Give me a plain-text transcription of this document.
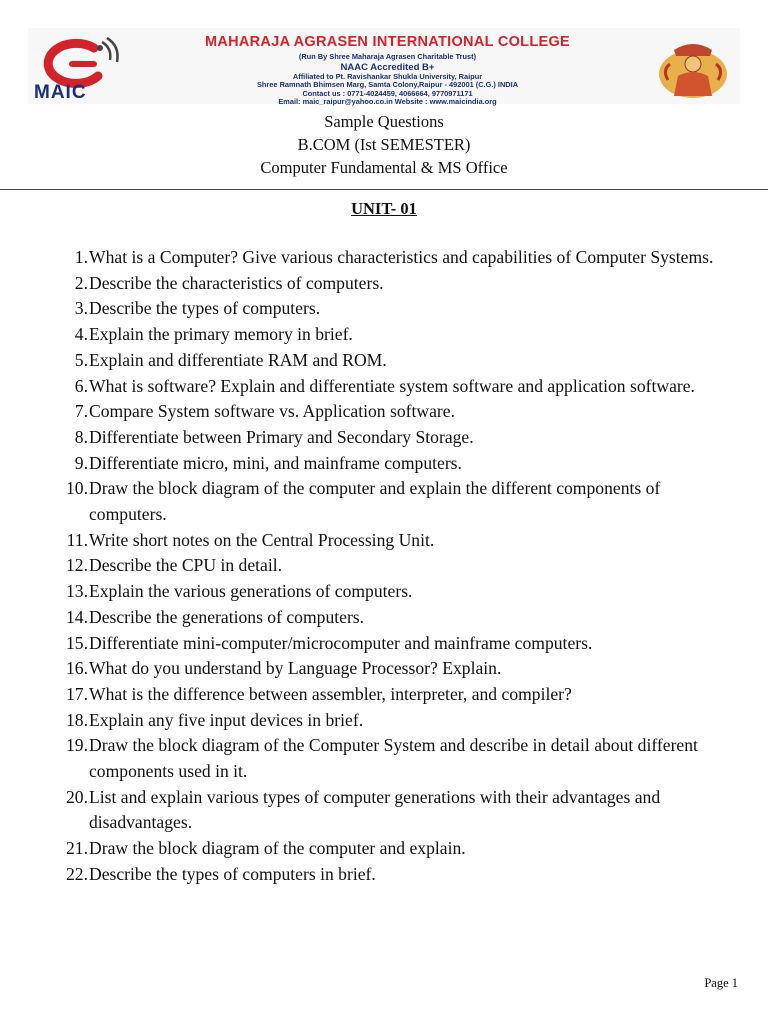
MAIC
MAHARAJA AGRASEN INTERNATIONAL COLLEGE
(Run By Shree Maharaja Agrasen Charitable Trust)
NAAC Accredited B+
Affiliated to Pt. Ravishankar Shukla University, Raipur
Shree Ramnath Bhimsen Marg, Samta Colony,Raipur - 492001 (C.G.) INDIA
Contact us : 0771-4024459, 4066664, 9770971171
Email: maic_raipur@yahoo.co.in Website : www.maicindia.org
Sample Questions
B.COM (Ist SEMESTER)
Computer Fundamental & MS Office
UNIT- 01
1. What is a Computer? Give various characteristics and capabilities of Computer Systems.
2. Describe the characteristics of computers.
3. Describe the types of computers.
4. Explain the primary memory in brief.
5. Explain and differentiate RAM and ROM.
6. What is software? Explain and differentiate system software and application software.
7. Compare System software vs. Application software.
8. Differentiate between Primary and Secondary Storage.
9. Differentiate micro, mini, and mainframe computers.
10. Draw the block diagram of the computer and explain the different components of computers.
11. Write short notes on the Central Processing Unit.
12. Describe the CPU in detail.
13. Explain the various generations of computers.
14. Describe the generations of computers.
15. Differentiate mini-computer/microcomputer and mainframe computers.
16. What do you understand by Language Processor? Explain.
17. What is the difference between assembler, interpreter, and compiler?
18. Explain any five input devices in brief.
19. Draw the block diagram of the Computer System and describe in detail about different components used in it.
20. List and explain various types of computer generations with their advantages and disadvantages.
21. Draw the block diagram of the computer and explain.
22. Describe the types of computers in brief.
Page 1
